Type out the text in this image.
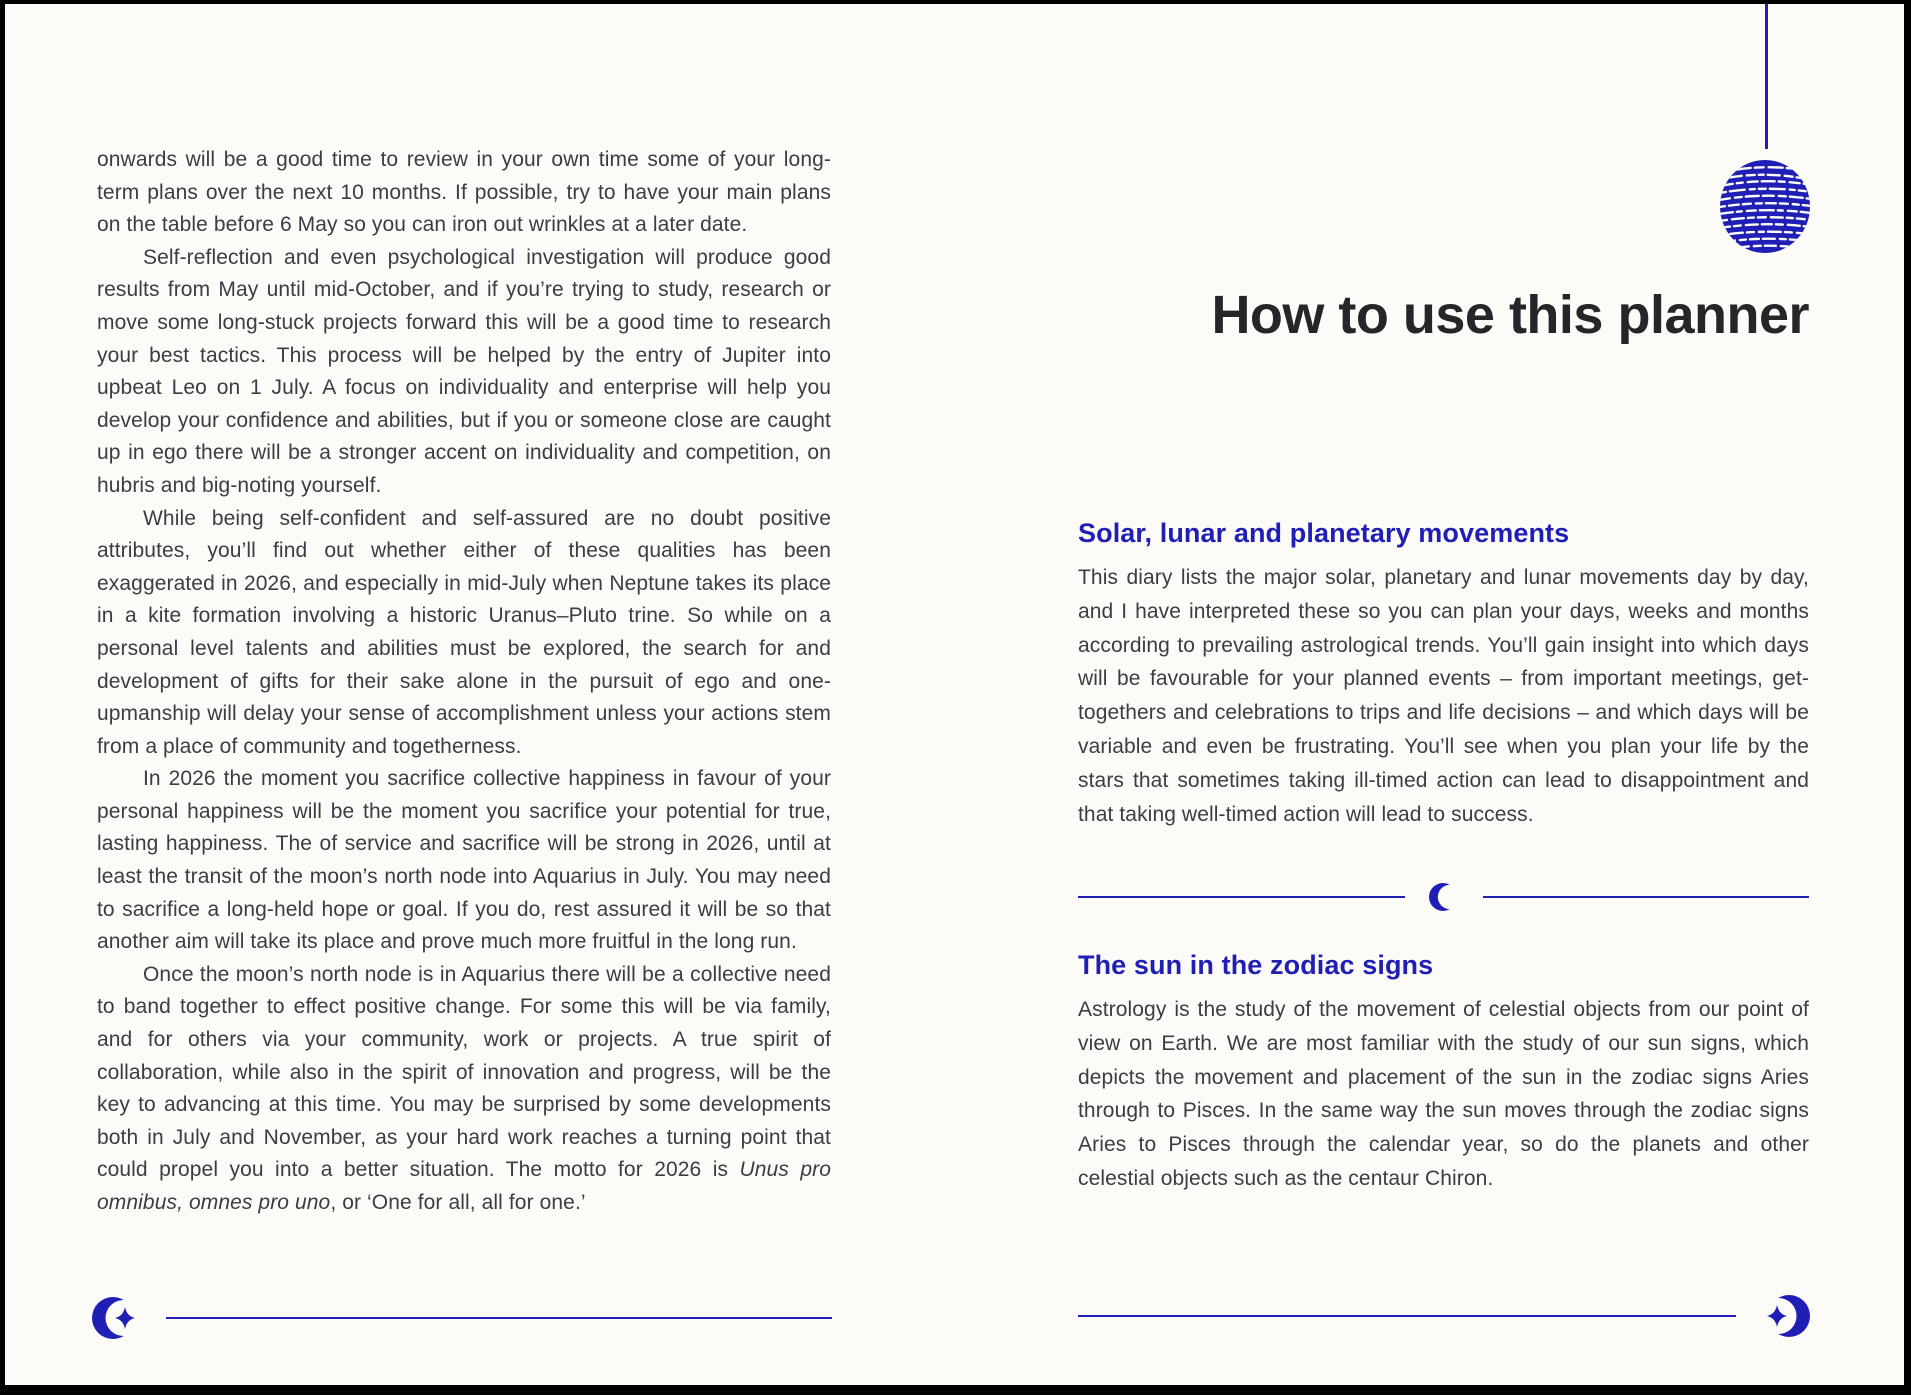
onwards will be a good time to review in your own time some of your long-term plans over the next 10 months. If possible, try to have your main plans on the table before 6 May so you can iron out wrinkles at a later date.

Self-reflection and even psychological investigation will produce good results from May until mid-October, and if you’re trying to study, research or move some long-stuck projects forward this will be a good time to research your best tactics. This process will be helped by the entry of Jupiter into upbeat Leo on 1 July. A focus on individuality and enterprise will help you develop your confidence and abilities, but if you or someone close are caught up in ego there will be a stronger accent on individuality and competition, on hubris and big-noting yourself.

While being self-confident and self-assured are no doubt positive attributes, you’ll find out whether either of these qualities has been exaggerated in 2026, and especially in mid-July when Neptune takes its place in a kite formation involving a historic Uranus–Pluto trine. So while on a personal level talents and abilities must be explored, the search for and development of gifts for their sake alone in the pursuit of ego and one-upmanship will delay your sense of accomplishment unless your actions stem from a place of community and togetherness.

In 2026 the moment you sacrifice collective happiness in favour of your personal happiness will be the moment you sacrifice your potential for true, lasting happiness. The of service and sacrifice will be strong in 2026, until at least the transit of the moon’s north node into Aquarius in July. You may need to sacrifice a long-held hope or goal. If you do, rest assured it will be so that another aim will take its place and prove much more fruitful in the long run.

Once the moon’s north node is in Aquarius there will be a collective need to band together to effect positive change. For some this will be via family, and for others via your community, work or projects. A true spirit of collaboration, while also in the spirit of innovation and progress, will be the key to advancing at this time. You may be surprised by some developments both in July and November, as your hard work reaches a turning point that could propel you into a better situation. The motto for 2026 is Unus pro omnibus, omnes pro uno, or ‘One for all, all for one.’

How to use this planner
Solar, lunar and planetary movements

This diary lists the major solar, planetary and lunar movements day by day, and I have interpreted these so you can plan your days, weeks and months according to prevailing astrological trends. You’ll gain insight into which days will be favourable for your planned events – from important meetings, get-togethers and celebrations to trips and life decisions – and which days will be variable and even be frustrating. You’ll see when you plan your life by the stars that sometimes taking ill-timed action can lead to disappointment and that taking well-timed action will lead to success.

The sun in the zodiac signs

Astrology is the study of the movement of celestial objects from our point of view on Earth. We are most familiar with the study of our sun signs, which depicts the movement and placement of the sun in the zodiac signs Aries through to Pisces. In the same way the sun moves through the zodiac signs Aries to Pisces through the calendar year, so do the planets and other celestial objects such as the centaur Chiron.
